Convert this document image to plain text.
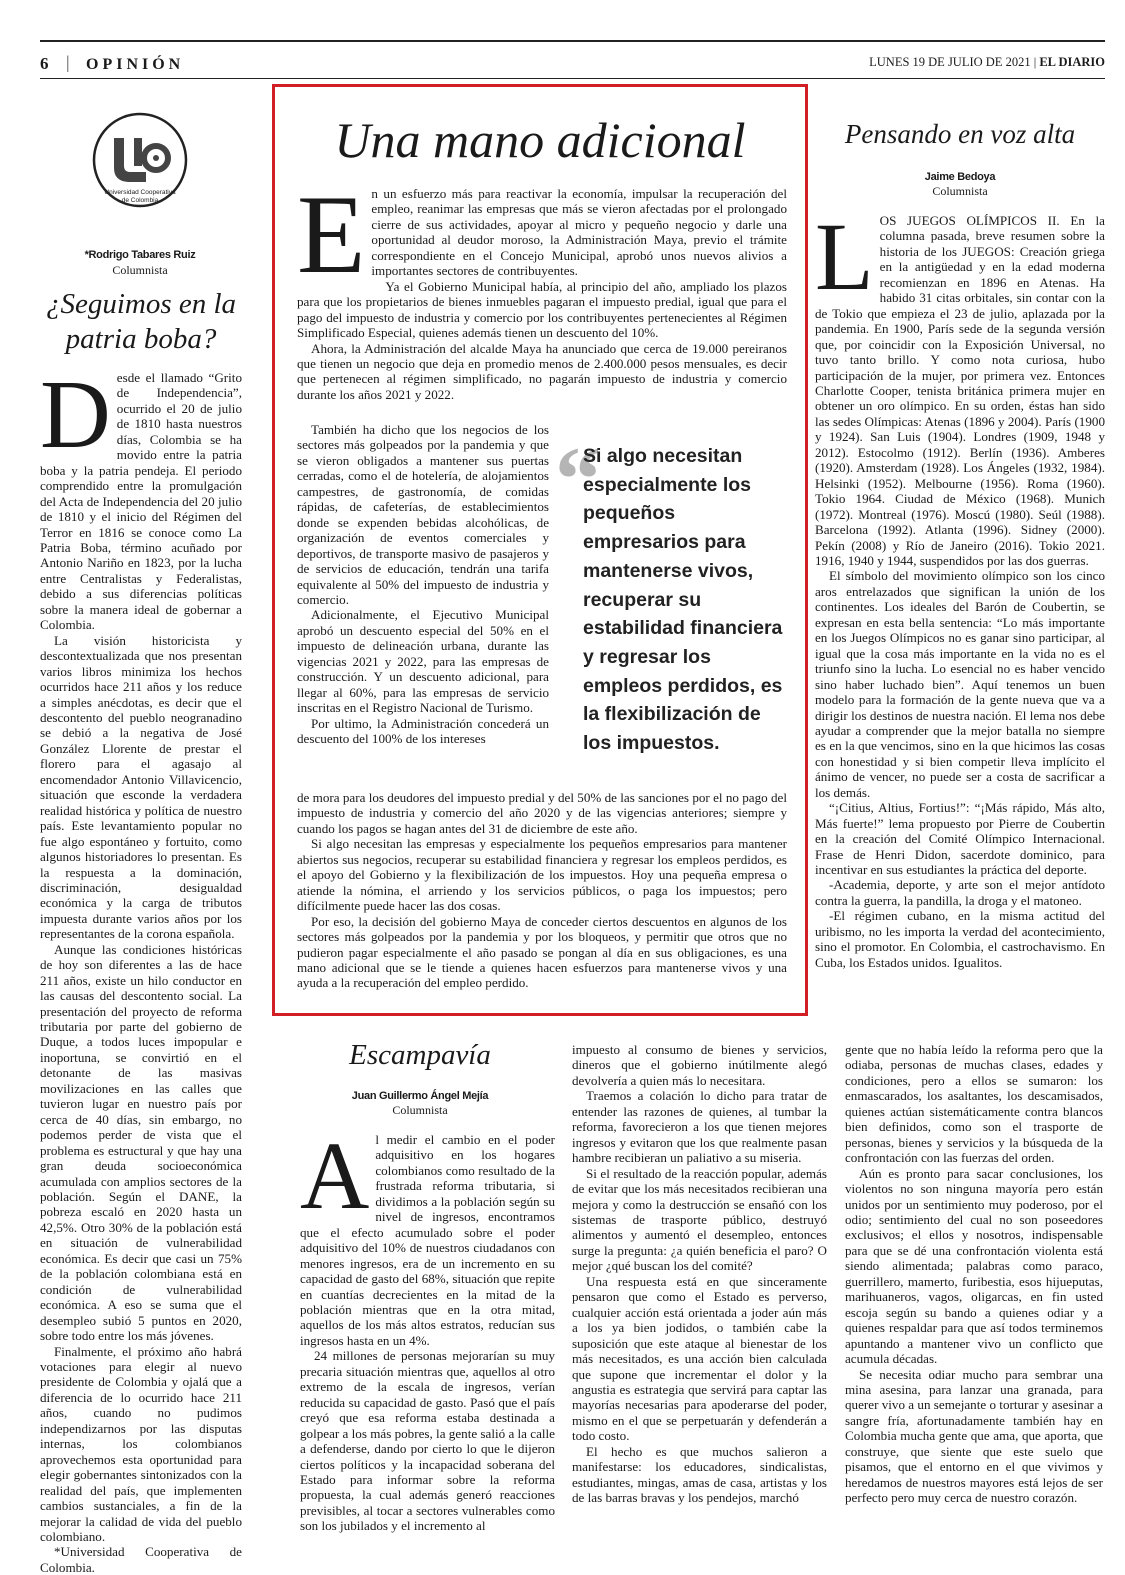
6 | OPINIÓN	LUNES 19 DE JULIO DE 2021 | EL DIARIO
Universidad Cooperativa
de Colombia
*Rodrigo Tabares Ruiz
Columnista
¿Seguimos en la patria boba?
D esde el llamado “Grito de Independencia”, ocurrido el 20 de julio de 1810 hasta nuestros días, Colombia se ha movido entre la patria boba y la patria pendeja. El periodo comprendido entre la promulgación del Acta de Independencia del 20 julio de 1810 y el inicio del Régimen del Terror en 1816 se conoce como La Patria Boba, término acuñado por Antonio Nariño en 1823, por la lucha entre Centralistas y Federalistas, debido a sus diferencias políticas sobre la manera ideal de gobernar a Colombia.

La visión historicista y descontextualizada que nos presentan varios libros minimiza los hechos ocurridos hace 211 años y los reduce a simples anécdotas, es decir que el descontento del pueblo neogranadino se debió a la negativa de José González Llorente de prestar el florero para el agasajo al encomendador Antonio Villavicencio, situación que esconde la verdadera realidad histórica y política de nuestro país. Este levantamiento popular no fue algo espontáneo y fortuito, como algunos historiadores lo presentan. Es la respuesta a la dominación, discriminación, desigualdad económica y la carga de tributos impuesta durante varios años por los representantes de la corona española.

Aunque las condiciones históricas de hoy son diferentes a las de hace 211 años, existe un hilo conductor en las causas del descontento social. La presentación del proyecto de reforma tributaria por parte del gobierno de Duque, a todos luces impopular e inoportuna, se convirtió en el detonante de las masivas movilizaciones en las calles que tuvieron lugar en nuestro país por cerca de 40 días, sin embargo, no podemos perder de vista que el problema es estructural y que hay una gran deuda socioeconómica acumulada con amplios sectores de la población. Según el DANE, la pobreza escaló en 2020 hasta un 42,5%. Otro 30% de la población está en situación de vulnerabilidad económica. Es decir que casi un 75% de la población colombiana está en condición de vulnerabilidad económica. A eso se suma que el desempleo subió 5 puntos en 2020, sobre todo entre los más jóvenes.

Finalmente, el próximo año habrá votaciones para elegir al nuevo presidente de Colombia y ojalá que a diferencia de lo ocurrido hace 211 años, cuando no pudimos independizarnos por las disputas internas, los colombianos aprovechemos esta oportunidad para elegir gobernantes sintonizados con la realidad del país, que implementen cambios sustanciales, a fin de la mejorar la calidad de vida del pueblo colombiano.

*Universidad Cooperativa de Colombia.

Una mano adicional
E n un esfuerzo más para reactivar la economía, impulsar la recuperación del empleo, reanimar las empresas que más se vieron afectadas por el prolongado cierre de sus actividades, apoyar al micro y pequeño negocio y darle una oportunidad al deudor moroso, la Administración Maya, previo el trámite correspondiente en el Concejo Municipal, aprobó unos nuevos alivios a importantes sectores de contribuyentes.

Ya el Gobierno Municipal había, al principio del año, ampliado los plazos para que los propietarios de bienes inmuebles pagaran el impuesto predial, igual que para el pago del impuesto de industria y comercio por los contribuyentes pertenecientes al Régimen Simplificado Especial, quienes además tienen un descuento del 10%.

Ahora, la Administración del alcalde Maya ha anunciado que cerca de 19.000 pereiranos que tienen un negocio que deja en promedio menos de 2.400.000 pesos mensuales, es decir que pertenecen al régimen simplificado, no pagarán impuesto de industria y comercio durante los años 2021 y 2022.

También ha dicho que los negocios de los sectores más golpeados por la pandemia y que se vieron obligados a mantener sus puertas cerradas, como el de hotelería, de alojamientos campestres, de gastronomía, de comidas rápidas, de cafeterías, de establecimientos donde se expenden bebidas alcohólicas, de organización de eventos comerciales y deportivos, de transporte masivo de pasajeros y de servicios de educación, tendrán una tarifa equivalente al 50% del impuesto de industria y comercio.

Adicionalmente, el Ejecutivo Municipal aprobó un descuento especial del 50% en el impuesto de delineación urbana, durante las vigencias 2021 y 2022, para las empresas de construcción. Y un descuento adicional, para llegar al 60%, para las empresas de servicio inscritas en el Registro Nacional de Turismo.

Por ultimo, la Administración concederá un descuento del 100% de los intereses

“
Si algo necesitan especialmente los pequeños empresarios para mantenerse vivos, recuperar su estabilidad financiera y regresar los empleos perdidos, es la flexibilización de los impuestos.

de mora para los deudores del impuesto predial y del 50% de las sanciones por el no pago del impuesto de industria y comercio del año 2020 y de las vigencias anteriores; siempre y cuando los pagos se hagan antes del 31 de diciembre de este año.

Si algo necesitan las empresas y especialmente los pequeños empresarios para mantener abiertos sus negocios, recuperar su estabilidad financiera y regresar los empleos perdidos, es el apoyo del Gobierno y la flexibilización de los impuestos. Hoy una pequeña empresa o atiende la nómina, el arriendo y los servicios públicos, o paga los impuestos; pero difícilmente puede hacer las dos cosas.

Por eso, la decisión del gobierno Maya de conceder ciertos descuentos en algunos de los sectores más golpeados por la pandemia y por los bloqueos, y permitir que otros que no pudieron pagar especialmente el año pasado se pongan al día en sus obligaciones, es una mano adicional que se le tiende a quienes hacen esfuerzos para mantenerse vivos y una ayuda a la recuperación del empleo perdido.

Pensando en voz alta
Jaime Bedoya
Columnista
L OS JUEGOS OLÍMPICOS II. En la columna pasada, breve resumen sobre la historia de los JUEGOS: Creación griega en la antigüedad y en la edad moderna recomienzan en 1896 en Atenas. Ha habido 31 citas orbitales, sin contar con la de Tokio que empieza el 23 de julio, aplazada por la pandemia. En 1900, París sede de la segunda versión que, por coincidir con la Exposición Universal, no tuvo tanto brillo. Y como nota curiosa, hubo participación de la mujer, por primera vez. Entonces Charlotte Cooper, tenista británica primera mujer en obtener un oro olímpico. En su orden, éstas han sido las sedes Olímpicas: Atenas (1896 y 2004). París (1900 y 1924). San Luis (1904). Londres (1909, 1948 y 2012). Estocolmo (1912). Berlín (1936). Amberes (1920). Amsterdam (1928). Los Ángeles (1932, 1984). Helsinki (1952). Melbourne (1956). Roma (1960). Tokio 1964. Ciudad de México (1968). Munich (1972). Montreal (1976). Moscú (1980). Seúl (1988). Barcelona (1992). Atlanta (1996). Sidney (2000). Pekín (2008) y Río de Janeiro (2016). Tokio 2021. 1916, 1940 y 1944, suspendidos por las dos guerras.

El símbolo del movimiento olímpico son los cinco aros entrelazados que significan la unión de los continentes. Los ideales del Barón de Coubertin, se expresan en esta bella sentencia: “Lo más importante en los Juegos Olímpicos no es ganar sino participar, al igual que la cosa más importante en la vida no es el triunfo sino la lucha. Lo esencial no es haber vencido sino haber luchado bien”. Aquí tenemos un buen modelo para la formación de la gente nueva que va a dirigir los destinos de nuestra nación. El lema nos debe ayudar a comprender que la mejor batalla no siempre es en la que vencimos, sino en la que hicimos las cosas con honestidad y si bien competir lleva implícito el ánimo de vencer, no puede ser a costa de sacrificar a los demás.

“¡Citius, Altius, Fortius!”: “¡Más rápido, Más alto, Más fuerte!” lema propuesto por Pierre de Coubertin en la creación del Comité Olímpico Internacional. Frase de Henri Didon, sacerdote dominico, para incentivar en sus estudiantes la práctica del deporte.

-Academia, deporte, y arte son el mejor antídoto contra la guerra, la pandilla, la droga y el matoneo.

-El régimen cubano, en la misma actitud del uribismo, no les importa la verdad del acontecimiento, sino el promotor. En Colombia, el castrochavismo. En Cuba, los Estados unidos. Igualitos.

Escampavía
Juan Guillermo Ángel Mejía
Columnista
A l medir el cambio en el poder adquisitivo en los hogares colombianos como resultado de la frustrada reforma tributaria, si dividimos a la población según su nivel de ingresos, encontramos que el efecto acumulado sobre el poder adquisitivo del 10% de nuestros ciudadanos con menores ingresos, era de un incremento en su capacidad de gasto del 68%, situación que repite en cuantías decrecientes en la mitad de la población mientras que en la otra mitad, aquellos de los más altos estratos, reducían sus ingresos hasta en un 4%.

24 millones de personas mejorarían su muy precaria situación mientras que, aquellos al otro extremo de la escala de ingresos, verían reducida su capacidad de gasto. Pasó que el país creyó que esa reforma estaba destinada a golpear a los más pobres, la gente salió a la calle a defenderse, dando por cierto lo que le dijeron ciertos políticos y la incapacidad soberana del Estado para informar sobre la reforma propuesta, la cual además generó reacciones previsibles, al tocar a sectores vulnerables como son los jubilados y el incremento al

impuesto al consumo de bienes y servicios, dineros que el gobierno inútilmente alegó devolvería a quien más lo necesitara.

Traemos a colación lo dicho para tratar de entender las razones de quienes, al tumbar la reforma, favorecieron a los que tienen mejores ingresos y evitaron que los que realmente pasan hambre recibieran un paliativo a su miseria.

Si el resultado de la reacción popular, además de evitar que los más necesitados recibieran una mejora y como la destrucción se ensañó con los sistemas de trasporte público, destruyó alimentos y aumentó el desempleo, entonces surge la pregunta: ¿a quién beneficia el paro? O mejor ¿qué buscan los del comité?

Una respuesta está en que sinceramente pensaron que como el Estado es perverso, cualquier acción está orientada a joder aún más a los ya bien jodidos, o también cabe la suposición que este ataque al bienestar de los más necesitados, es una acción bien calculada que supone que incrementar el dolor y la angustia es estrategia que servirá para captar las mayorías necesarias para apoderarse del poder, mismo en el que se perpetuarán y defenderán a todo costo.

El hecho es que muchos salieron a manifestarse: los educadores, sindicalistas, estudiantes, mingas, amas de casa, artistas y los de las barras bravas y los pendejos, marchó

gente que no había leído la reforma pero que la odiaba, personas de muchas clases, edades y condiciones, pero a ellos se sumaron: los enmascarados, los asaltantes, los descamisados, quienes actúan sistemáticamente contra blancos bien definidos, como son el trasporte de personas, bienes y servicios y la búsqueda de la confrontación con las fuerzas del orden.

Aún es pronto para sacar conclusiones, los violentos no son ninguna mayoría pero están unidos por un sentimiento muy poderoso, por el odio; sentimiento del cual no son poseedores exclusivos; el ellos y nosotros, indispensable para que se dé una confrontación violenta está siendo alimentada; palabras como paraco, guerrillero, mamerto, furibestia, esos hijueputas, marihuaneros, vagos, oligarcas, en fin usted escoja según su bando a quienes odiar y a quienes respaldar para que así todos terminemos apuntando a mantener vivo un conflicto que acumula décadas.

Se necesita odiar mucho para sembrar una mina asesina, para lanzar una granada, para querer vivo a un semejante o torturar y asesinar a sangre fría, afortunadamente también hay en Colombia mucha gente que ama, que aporta, que construye, que siente que este suelo que pisamos, que el entorno en el que vivimos y heredamos de nuestros mayores está lejos de ser perfecto pero muy cerca de nuestro corazón.
